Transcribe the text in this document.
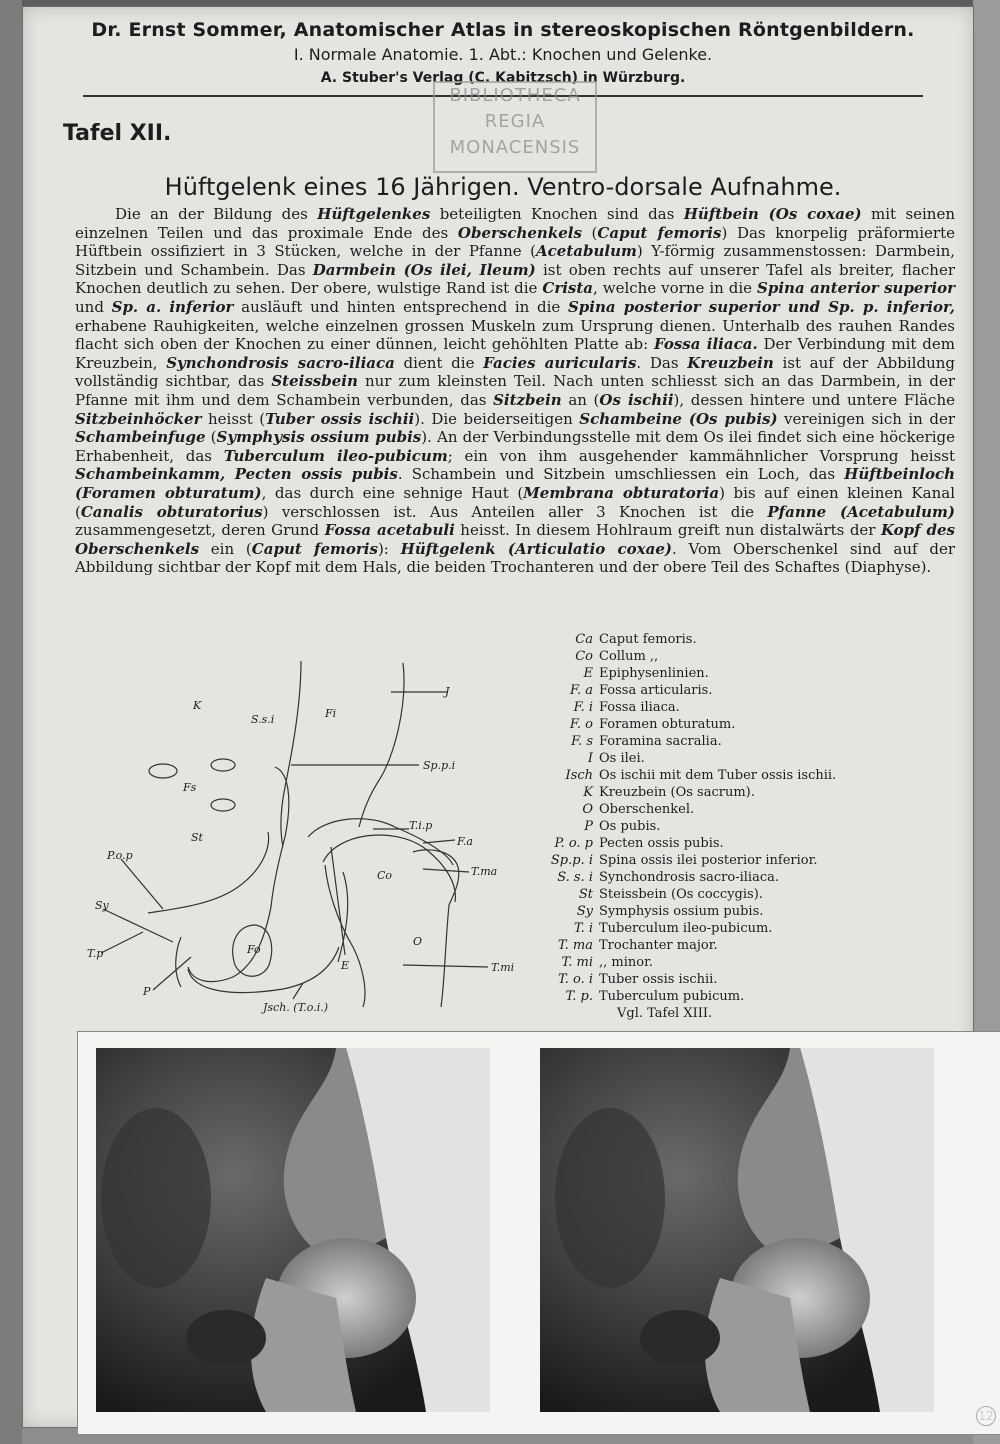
Dr. Ernst Sommer, Anatomischer Atlas in stereoskopischen Röntgenbildern.
I. Normale Anatomie. 1. Abt.: Knochen und Gelenke.
A. Stuber's Verlag (C. Kabitzsch) in Würzburg.
BIBLIOTHECA
REGIA
MONACENSIS
Tafel XII.
Hüftgelenk eines 16 Jährigen. Ventro-dorsale Aufnahme.
Die an der Bildung des Hüftgelenkes beteiligten Knochen sind das Hüftbein (Os coxae) mit seinen einzelnen Teilen und das proximale Ende des Oberschenkels (Caput femoris) Das knorpelig präformierte Hüftbein ossifiziert in 3 Stücken, welche in der Pfanne (Acetabulum) Y-förmig zusammenstossen: Darmbein, Sitzbein und Schambein. Das Darmbein (Os ilei, Ileum) ist oben rechts auf unserer Tafel als breiter, flacher Knochen deutlich zu sehen. Der obere, wulstige Rand ist die Crista, welche vorne in die Spina anterior superior und Sp. a. inferior ausläuft und hinten entsprechend in die Spina posterior superior und Sp. p. inferior, erhabene Rauhigkeiten, welche einzelnen grossen Muskeln zum Ursprung dienen. Unterhalb des rauhen Randes flacht sich oben der Knochen zu einer dünnen, leicht gehöhlten Platte ab: Fossa iliaca. Der Verbindung mit dem Kreuzbein, Synchondrosis sacro-iliaca dient die Facies auricularis. Das Kreuzbein ist auf der Abbildung vollständig sichtbar, das Steissbein nur zum kleinsten Teil. Nach unten schliesst sich an das Darmbein, in der Pfanne mit ihm und dem Schambein verbunden, das Sitzbein an (Os ischii), dessen hintere und untere Fläche Sitzbeinhöcker heisst (Tuber ossis ischii). Die beiderseitigen Schambeine (Os pubis) vereinigen sich in der Schambeinfuge (Symphysis ossium pubis). An der Verbindungsstelle mit dem Os ilei findet sich eine höckerige Erhabenheit, das Tuberculum ileo-pubicum; ein von ihm ausgehender kammähnlicher Vorsprung heisst Schambeinkamm, Pecten ossis pubis. Schambein und Sitzbein umschliessen ein Loch, das Hüftbeinloch (Foramen obturatum), das durch eine sehnige Haut (Membrana obturatoria) bis auf einen kleinen Kanal (Canalis obturatorius) verschlossen ist. Aus Anteilen aller 3 Knochen ist die Pfanne (Acetabulum) zusammengesetzt, deren Grund Fossa acetabuli heisst. In diesem Hohlraum greift nun distalwärts der Kopf des Oberschenkels ein (Caput femoris): Hüftgelenk (Articulatio coxae). Vom Oberschenkel sind auf der Abbildung sichtbar der Kopf mit dem Hals, die beiden Trochanteren und der obere Teil des Schaftes (Diaphyse).
K
S.s.i	Fi
J
Sp.p.i
Fs
St
T.i.p
F.a
Co	T.ma
P.o.p
Sy
T.p	Fo
O
E	T.mi
P
Jsch. (T.o.i.)
Ca Caput femoris.
Co Collum ,,
E Epiphysenlinien.
F. a Fossa articularis.
F. i Fossa iliaca.
F. o Foramen obturatum.
F. s Foramina sacralia.
I Os ilei.
Isch Os ischii mit dem Tuber ossis ischii.
K Kreuzbein (Os sacrum).
O Oberschenkel.
P Os pubis.
P. o. p Pecten ossis pubis.
Sp.p. i Spina ossis ilei posterior inferior.
S. s. i Synchondrosis sacro-iliaca.
St Steissbein (Os coccygis).
Sy Symphysis ossium pubis.
T. i Tuberculum ileo-pubicum.
T. ma Trochanter major.
T. mi ,, minor.
T. o. i Tuber ossis ischii.
T. p. Tuberculum pubicum.
Vgl. Tafel XIII.
12
